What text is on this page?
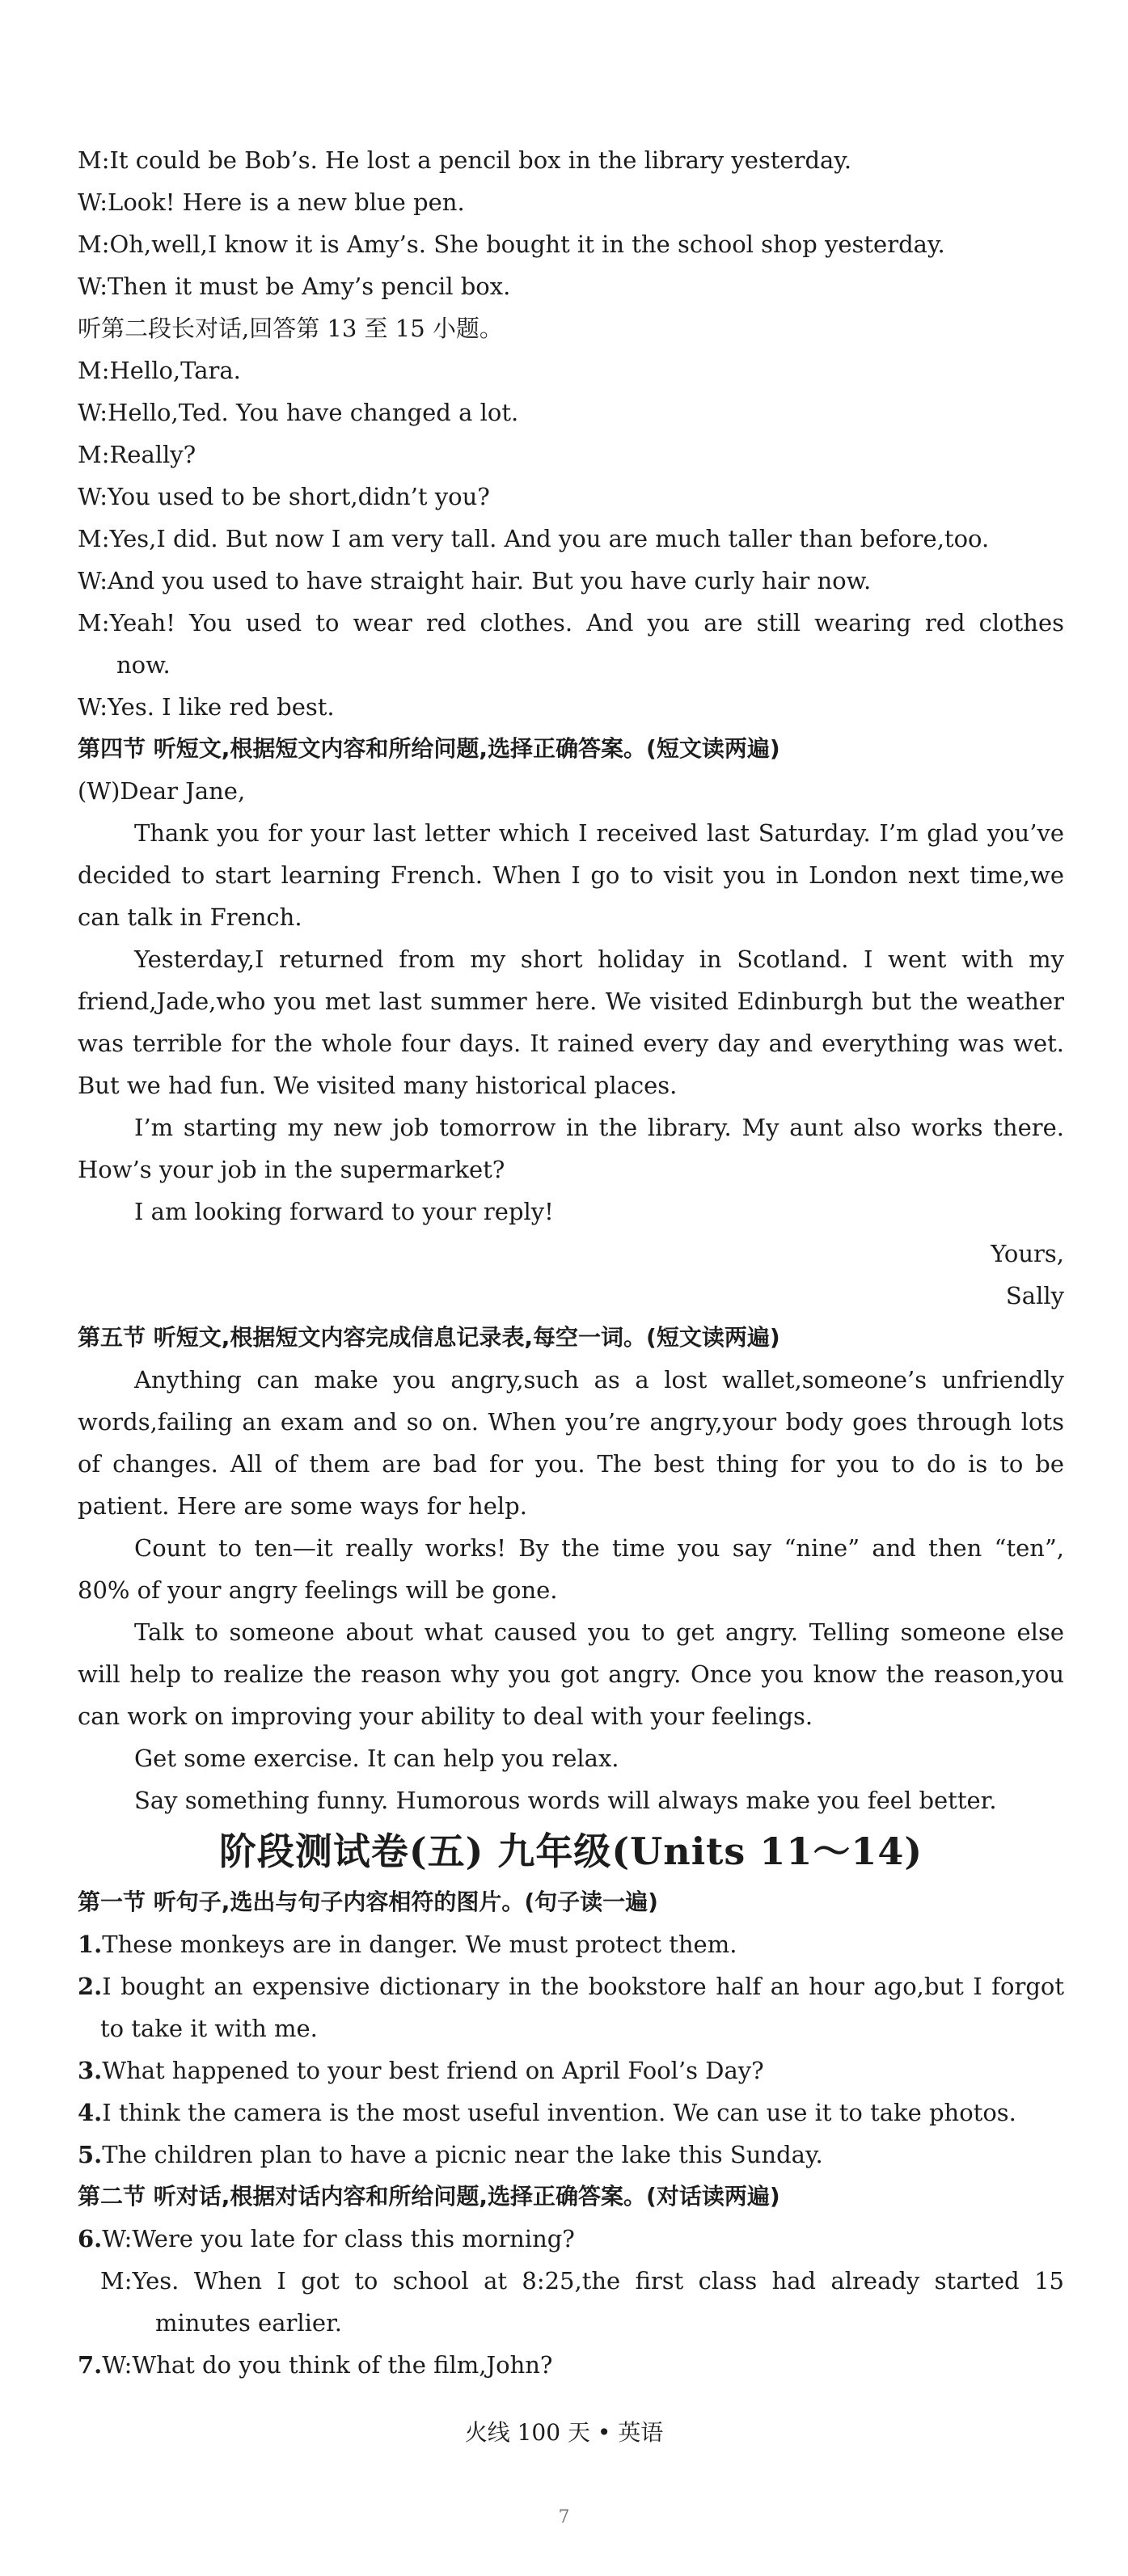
M:It could be Bob’s. He lost a pencil box in the library yesterday.
W:Look! Here is a new blue pen.
M:Oh,well,I know it is Amy’s. She bought it in the school shop yesterday.
W:Then it must be Amy’s pencil box.
听第二段长对话,回答第 13 至 15 小题。
M:Hello,Tara.
W:Hello,Ted. You have changed a lot.
M:Really?
W:You used to be short,didn’t you?
M:Yes,I did. But now I am very tall. And you are much taller than before,too.
W:And you used to have straight hair. But you have curly hair now.
M:Yeah! You used to wear red clothes. And you are still wearing red clothes
now.
W:Yes. I like red best.
第四节 听短文,根据短文内容和所给问题,选择正确答案。(短文读两遍)
(W)Dear Jane,
Thank you for your last letter which I received last Saturday. I’m glad you’ve
decided to start learning French. When I go to visit you in London next time,we
can talk in French.
Yesterday,I returned from my short holiday in Scotland. I went with my
friend,Jade,who you met last summer here. We visited Edinburgh but the weather
was terrible for the whole four days. It rained every day and everything was wet.
But we had fun. We visited many historical places.
I’m starting my new job tomorrow in the library. My aunt also works there.
How’s your job in the supermarket?
I am looking forward to your reply!
Yours,
Sally
第五节 听短文,根据短文内容完成信息记录表,每空一词。(短文读两遍)
Anything can make you angry,such as a lost wallet,someone’s unfriendly
words,failing an exam and so on. When you’re angry,your body goes through lots
of changes. All of them are bad for you. The best thing for you to do is to be
patient. Here are some ways for help.
Count to ten—it really works! By the time you say “nine” and then “ten”,
80% of your angry feelings will be gone.
Talk to someone about what caused you to get angry. Telling someone else
will help to realize the reason why you got angry. Once you know the reason,you
can work on improving your ability to deal with your feelings.
Get some exercise. It can help you relax.
Say something funny. Humorous words will always make you feel better.
阶段测试卷(五) 九年级(Units 11～14)
第一节 听句子,选出与句子内容相符的图片。(句子读一遍)
1.These monkeys are in danger. We must protect them.
2.I bought an expensive dictionary in the bookstore half an hour ago,but I forgot
to take it with me.
3.What happened to your best friend on April Fool’s Day?
4.I think the camera is the most useful invention. We can use it to take photos.
5.The children plan to have a picnic near the lake this Sunday.
第二节 听对话,根据对话内容和所给问题,选择正确答案。(对话读两遍)
6.W:Were you late for class this morning?
M:Yes. When I got to school at 8:25,the first class had already started 15
minutes earlier.
7.W:What do you think of the film,John?
火线 100 天 • 英语
7
